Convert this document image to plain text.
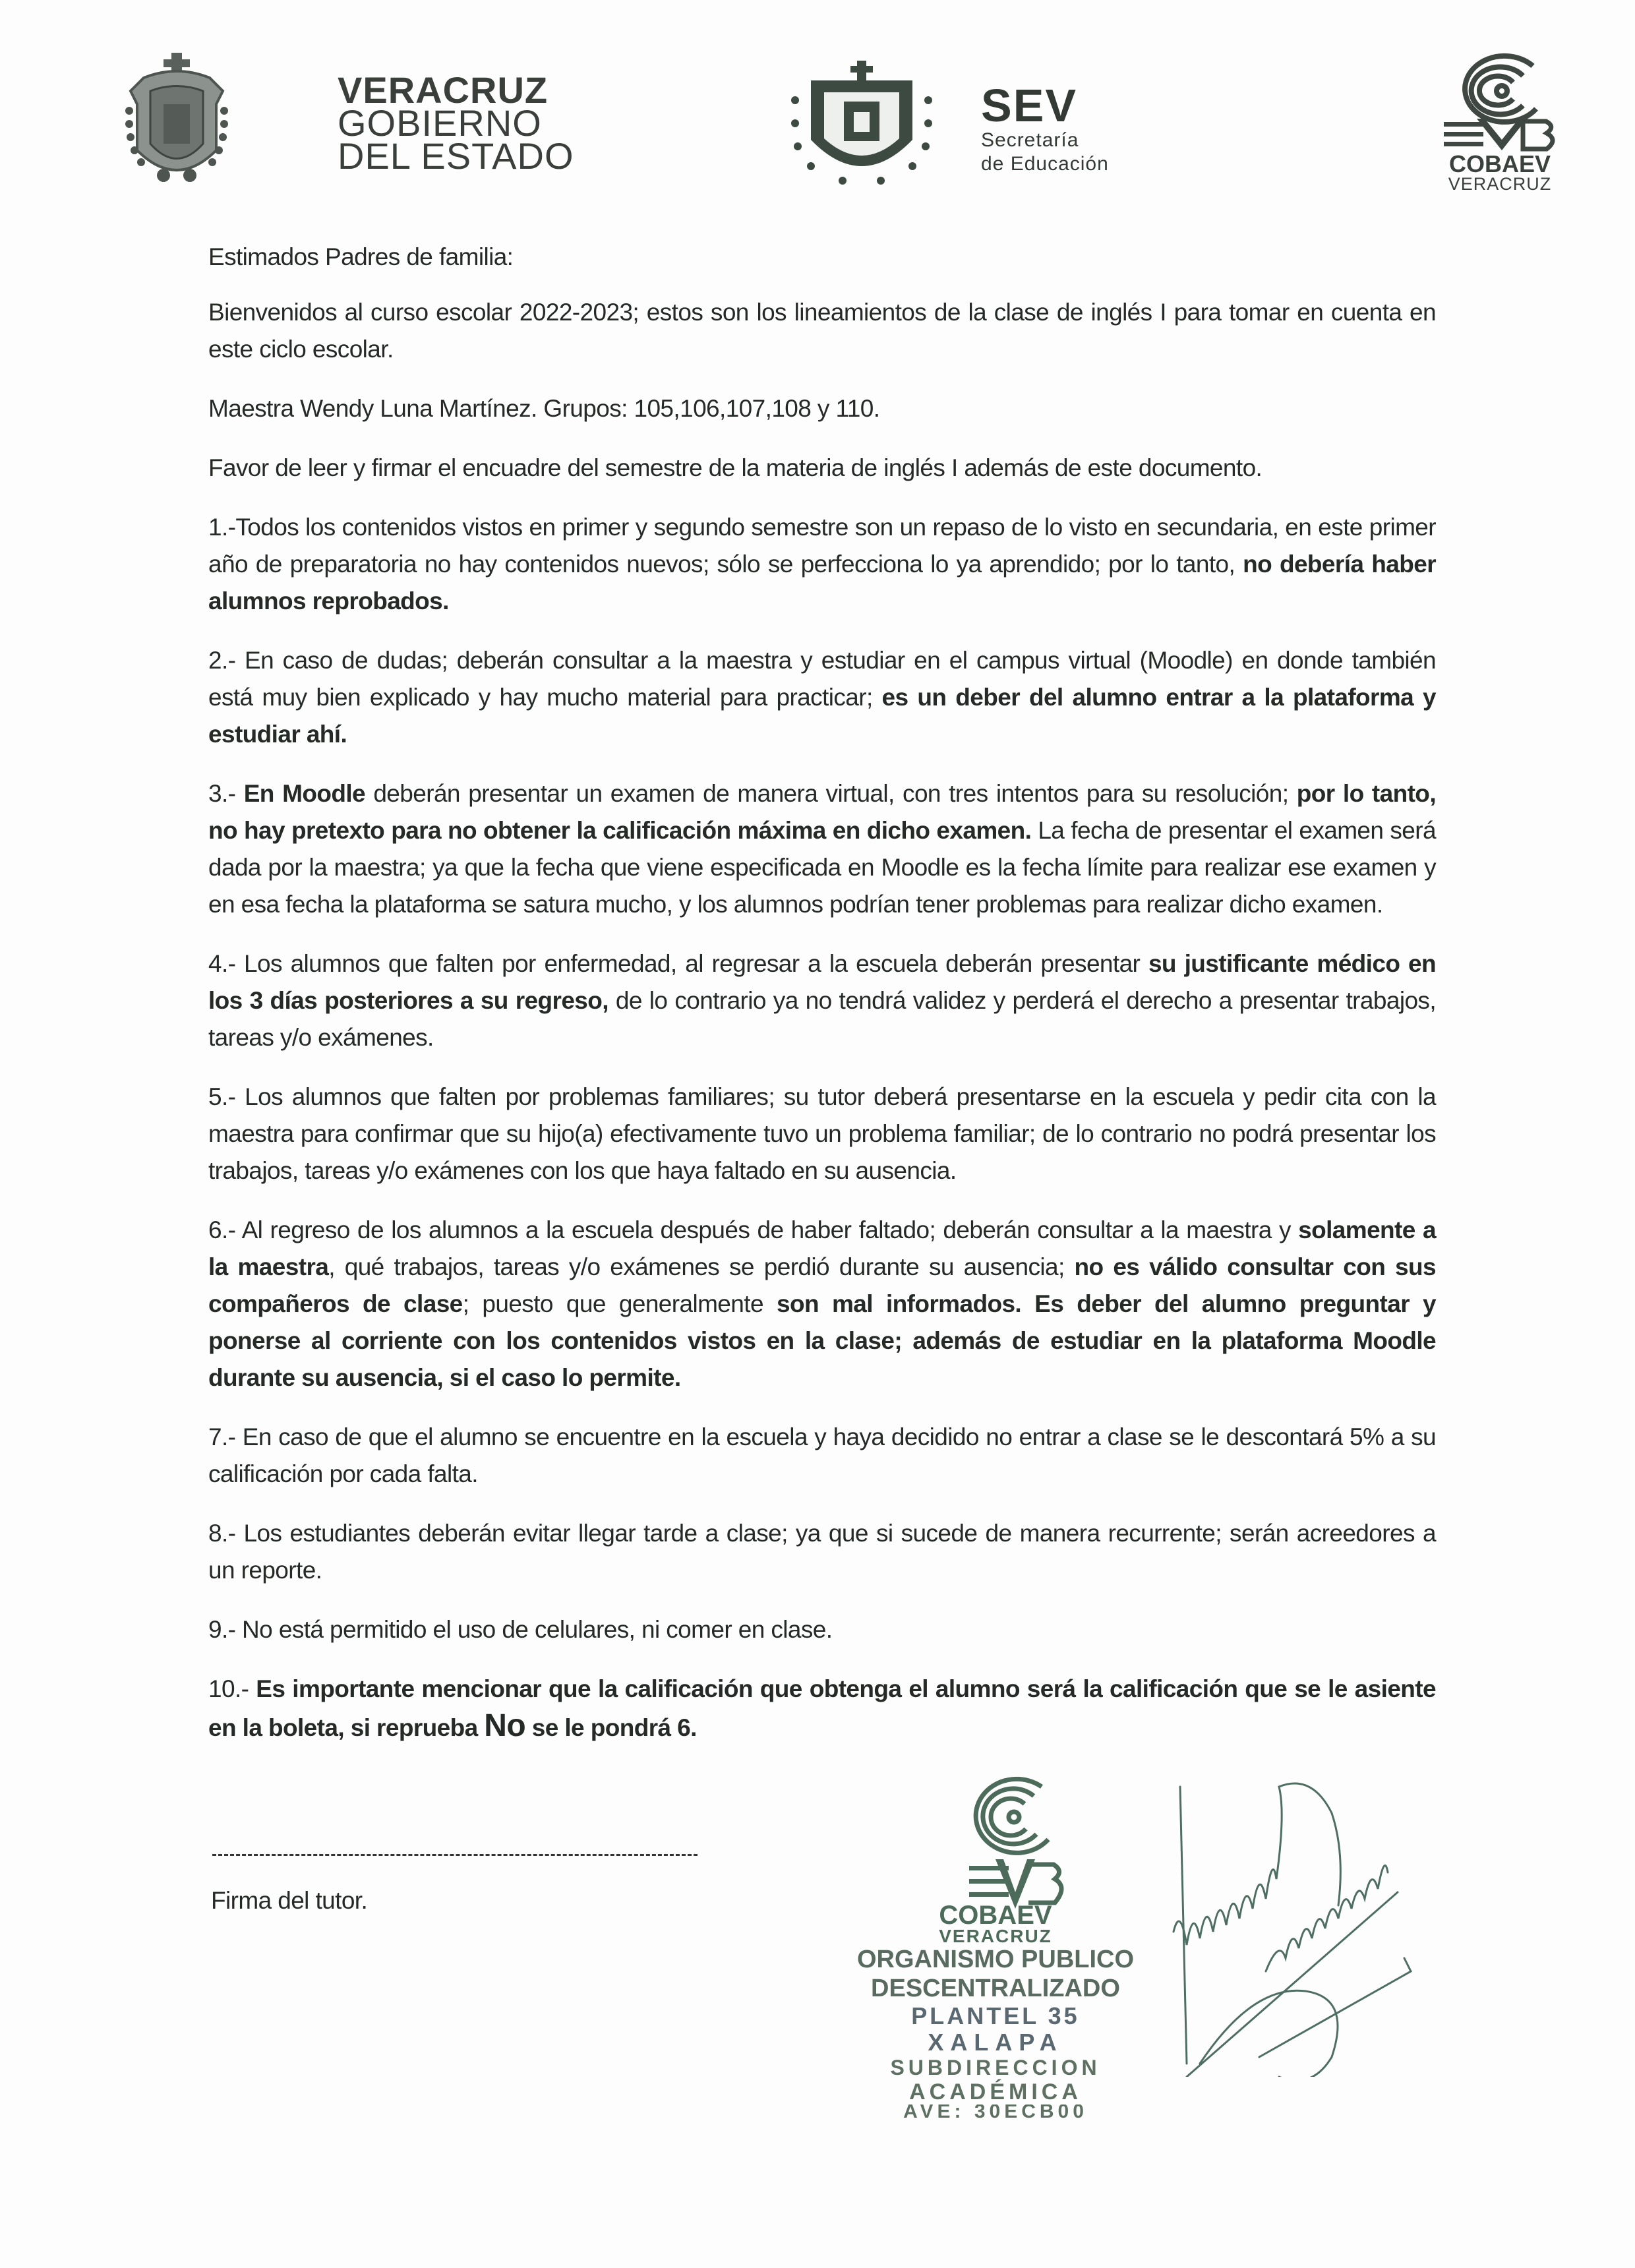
VERACRUZ
GOBIERNO
DEL ESTADO
SEV
Secretaría
de Educación	COBAEV
VERACRUZ

Estimados Padres de familia:

Bienvenidos al curso escolar 2022-2023; estos son los lineamientos de la clase de inglés I para tomar en cuenta en este ciclo escolar.

Maestra Wendy Luna Martínez. Grupos: 105,106,107,108 y 110.

Favor de leer y firmar el encuadre del semestre de la materia de inglés I además de este documento.

1.-Todos los contenidos vistos en primer y segundo semestre son un repaso de lo visto en secundaria, en este primer año de preparatoria no hay contenidos nuevos; sólo se perfecciona lo ya aprendido; por lo tanto, no debería haber alumnos reprobados.

2.- En caso de dudas; deberán consultar a la maestra y estudiar en el campus virtual (Moodle) en donde también está muy bien explicado y hay mucho material para practicar; es un deber del alumno entrar a la plataforma y estudiar ahí.

3.- En Moodle deberán presentar un examen de manera virtual, con tres intentos para su resolución; por lo tanto, no hay pretexto para no obtener la calificación máxima en dicho examen. La fecha de presentar el examen será dada por la maestra; ya que la fecha que viene especificada en Moodle es la fecha límite para realizar ese examen y en esa fecha la plataforma se satura mucho, y los alumnos podrían tener problemas para realizar dicho examen.

4.- Los alumnos que falten por enfermedad, al regresar a la escuela deberán presentar su justificante médico en los 3 días posteriores a su regreso, de lo contrario ya no tendrá validez y perderá el derecho a presentar trabajos, tareas y/o exámenes.

5.- Los alumnos que falten por problemas familiares; su tutor deberá presentarse en la escuela y pedir cita con la maestra para confirmar que su hijo(a) efectivamente tuvo un problema familiar; de lo contrario no podrá presentar los trabajos, tareas y/o exámenes con los que haya faltado en su ausencia.

6.- Al regreso de los alumnos a la escuela después de haber faltado; deberán consultar a la maestra y solamente a la maestra, qué trabajos, tareas y/o exámenes se perdió durante su ausencia; no es válido consultar con sus compañeros de clase; puesto que generalmente son mal informados. Es deber del alumno preguntar y ponerse al corriente con los contenidos vistos en la clase; además de estudiar en la plataforma Moodle durante su ausencia, si el caso lo permite.

7.- En caso de que el alumno se encuentre en la escuela y haya decidido no entrar a clase se le descontará 5% a su calificación por cada falta.

8.- Los estudiantes deberán evitar llegar tarde a clase; ya que si sucede de manera recurrente; serán acreedores a un reporte.

9.- No está permitido el uso de celulares, ni comer en clase.

10.- Es importante mencionar que la calificación que obtenga el alumno será la calificación que se le asiente en la boleta, si reprueba No se le pondrá 6.

Firma del tutor.
COBAEV
VERACRUZ
ORGANISMO PUBLICO
DESCENTRALIZADO
PLANTEL 35
XALAPA
SUBDIRECCION
ACADÉMICA
AVE: 30ECB00
